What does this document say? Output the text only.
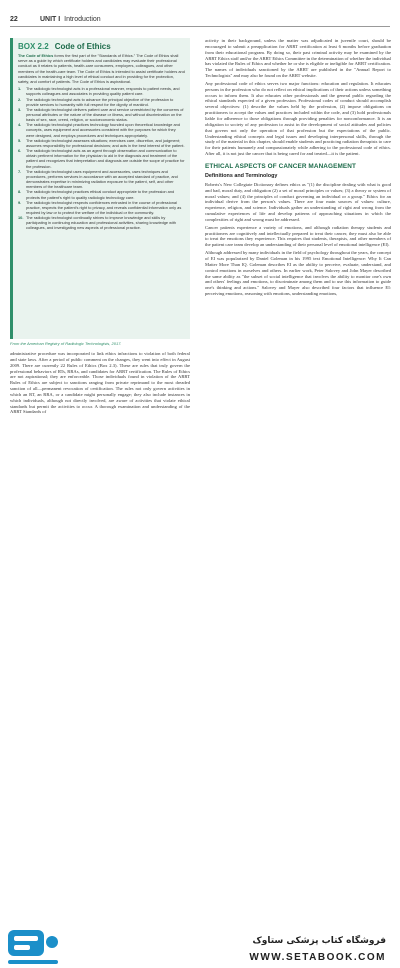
22	UNIT I Introduction
BOX 2.2 Code of Ethics

The Code of Ethics forms the first part of the "Standards of Ethics." The Code of Ethics shall serve as a guide by which certificate holders and candidates may evaluate their professional conduct as it relates to patients, health-care consumers, employers, colleagues, and other members of the health-care team. The Code of Ethics is intended to assist certificate holders and candidates in maintaining a high level of ethical conduct and in providing for the protection, safety, and comfort of patients. The Code of Ethics is aspirational.

1.	The radiologic technologist acts in a professional manner, responds to patient needs, and supports colleagues and associates in providing quality patient care.
2.	The radiologic technologist acts to advance the principal objective of the profession to provide services to humanity with full respect for the dignity of mankind.
3.	The radiologic technologist delivers patient care and service unrestricted by the concerns of personal attributes or the nature of the disease or illness, and without discrimination on the basis of sex, race, creed, religion, or socioeconomic status.
4.	The radiologic technologist practices technology founded upon theoretical knowledge and concepts, uses equipment and accessories consistent with the purposes for which they were designed, and employs procedures and techniques appropriately.
5.	The radiologic technologist assesses situations; exercises care, discretion, and judgment; assumes responsibility for professional decisions; and acts in the best interest of the patient.
6.	The radiologic technologist acts as an agent through observation and communication to obtain pertinent information for the physician to aid in the diagnosis and treatment of the patient and recognizes that interpretation and diagnosis are outside the scope of practice for the profession.
7.	The radiologic technologist uses equipment and accessories, uses techniques and procedures, performs services in accordance with an accepted standard of practice, and demonstrates expertise in minimizing radiation exposure to the patient, self, and other members of the healthcare team.
8.	The radiologic technologist practices ethical conduct appropriate to the profession and protects the patient's right to quality radiologic technology care.
9.	The radiologic technologist respects confidences entrusted in the course of professional practice, respects the patient's right to privacy, and reveals confidential information only as required by law or to protect the welfare of the individual or the community.
10. The radiologic technologist continually strives to improve knowledge and skills by participating in continuing education and professional activities, sharing knowledge with colleagues, and investigating new aspects of professional practice.
From the American Registry of Radiologic Technologists, 2017.
administrative procedure was incorporated to link ethics infractions to violation of both federal and state laws. After a period of public comment on the changes, they went into effect in August 2009. There are currently 22 Rules of Ethics (Box 2.3). These are rules that truly govern the professional behaviors of RTs, RRAs, and candidates for ARRT certification. The Rules of Ethics are not aspirational; they are enforceable. Those individuals found in violation of the ARRT Rules of Ethics are subject to sanctions ranging from private reprimand to the most dreaded sanction of all—permanent revocation of certification. The rules not only govern activities in which an RT, an RRA, or a candidate might personally engage; they also include instances in which individuals, although not directly involved, are aware of activities that violate ethical standards but permit the activities to occur. A thorough examination and understanding of the ARRT Standards of

activity in their background, unless the matter was adjudicated in juvenile court, should be encouraged to submit a preapplication for ARRT certification at least 6 months before graduation from their educational program. By doing so, their past criminal activity may be examined by the ARRT Ethics staff and/or the ARRT Ethics Committee in the determination of whether the individual has violated the Rules of Ethics and whether he or she is eligible or ineligible for ARRT certification. The names of individuals sanctioned by the ARRT are published in the "Annual Report to Technologists" and may also be found on the ARRT website.

Any professional code of ethics serves two major functions: education and regulation. It educates persons in the profession who do not reflect on ethical implications of their actions unless something occurs to inform them. It also educates other professionals and the general public regarding the ethical standards expected of a given profession. Professional codes of conduct should accomplish several objectives: (1) describe the values held by the profession, (2) impose obligations on practitioners to accept the values and practices included within the code, and (3) hold professionals liable for adherence to those obligations through providing penalties for nonconformance. It is an obligation to society of any profession to assist in the development of social attitudes and policies that govern not only the operation of that profession but the expectations of the public. Understanding ethical concepts and legal issues and developing interpersonal skills, through the study of the material in this chapter, should enable students and practicing radiation therapists to care for their patients humanely and compassionately while adhering to the professional code of ethics. After all, it is not just the cancer that is being cared for and treated—it is the patient.

ETHICAL ASPECTS OF CANCER MANAGEMENT
Definitions and Terminology

Roberts's New Collegiate Dictionary defines ethics as "(1) the discipline dealing with what is good and bad, moral duty, and obligation (2) a set of moral principles or values; (3) a theory or system of moral values; and (4) the principles of conduct governing an individual or a group." Ethics for an individual derive from the person's values. There are four main sources of values: culture, experience, religion, and science. Individuals gather an understanding of right and wrong from the cumulative experiences of life and develop patterns of approaching situations in which the complexities of right and wrong must be addressed.

Cancer patients experience a variety of emotions, and although radiation therapy students and practitioners are cognitively and intellectually prepared to treat their cancer, they must also be able to treat the emotions they experience. This requires that students, therapists, and other members of the patient care team develop an understanding of their personal level of emotional intelligence (EI).

Although addressed by many individuals in the field of psychology throughout the years, the concept of EI was popularized by Daniel Goleman in his 1995 text Emotional Intelligence: Why It Can Matter More Than IQ. Goleman describes EI as the ability to perceive, evaluate, understand, and control emotions in ourselves and others. In earlier work, Peter Salovey and John Mayer described the same ability as "the subset of social intelligence that involves the ability to monitor one's own and others' feelings and emotions, to discriminate among them and to use this information to guide one's thinking and actions." Salovey and Mayer also described four factors that influence EI: perceiving emotions, reasoning with emotions, understanding emotions,

فروشگاه کتاب پزشکی ستاوک
WWW.SETABOOK.COM
